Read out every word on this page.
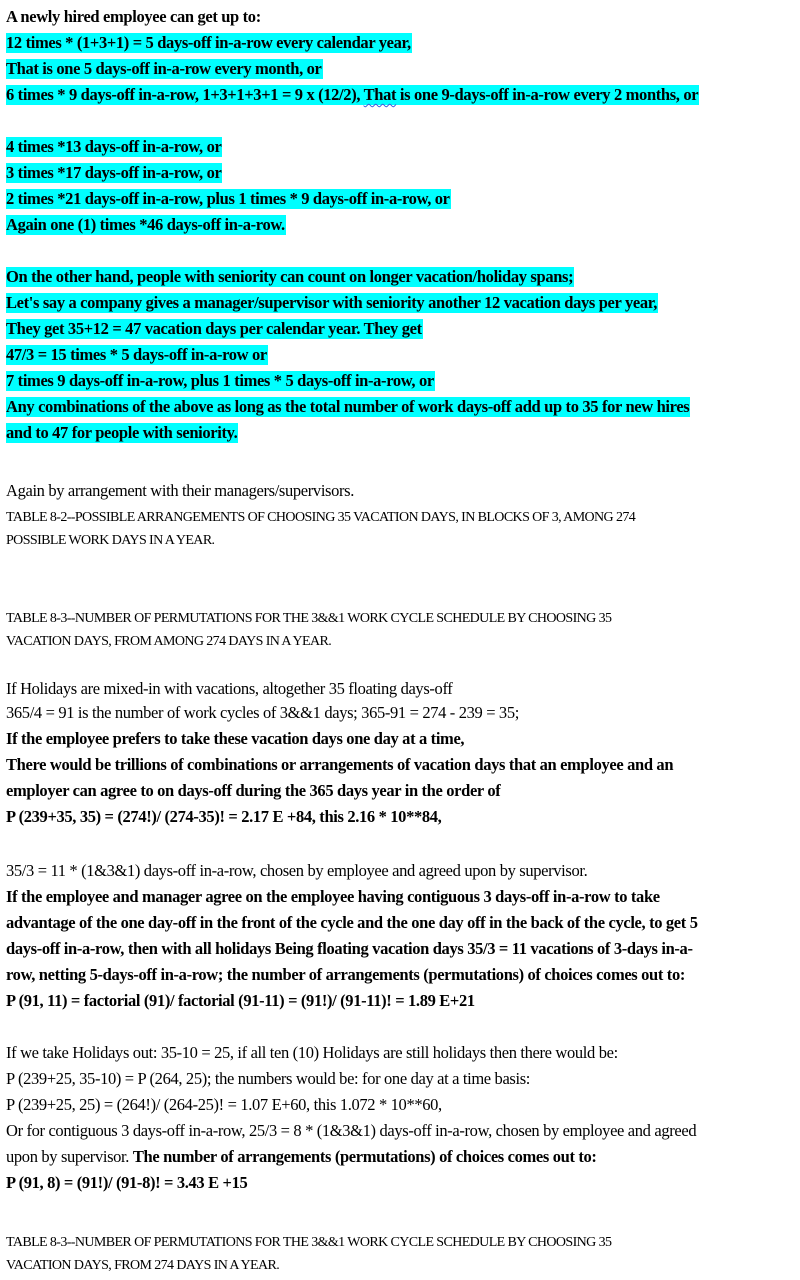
A newly hired employee can get up to:

12 times * (1+3+1) = 5 days-off in-a-row every calendar year,

That is one 5 days-off in-a-row every month, or

6 times * 9 days-off in-a-row, 1+3+1+3+1 = 9 x (12/2), That is one 9-days-off in-a-row every 2 months, or

4 times *13 days-off in-a-row, or

3 times *17 days-off in-a-row, or

2 times *21 days-off in-a-row, plus 1 times * 9 days-off in-a-row, or

Again one (1) times *46 days-off in-a-row.

On the other hand, people with seniority can count on longer vacation/holiday spans;

Let's say a company gives a manager/supervisor with seniority another 12 vacation days per year,

They get 35+12 = 47 vacation days per calendar year. They get

47/3 = 15 times * 5 days-off in-a-row or

7 times 9 days-off in-a-row, plus 1 times * 5 days-off in-a-row, or

Any combinations of the above as long as the total number of work days-off add up to 35 for new hires

and to 47 for people with seniority.

Again by arrangement with their managers/supervisors.

TABLE 8-2--POSSIBLE ARRANGEMENTS OF CHOOSING 35 VACATION DAYS, IN BLOCKS OF 3, AMONG 274

POSSIBLE WORK DAYS IN A YEAR.

TABLE 8-3--NUMBER OF PERMUTATIONS FOR THE 3&&1 WORK CYCLE SCHEDULE BY CHOOSING 35

VACATION DAYS, FROM AMONG 274 DAYS IN A YEAR.

If Holidays are mixed-in with vacations, altogether 35 floating days-off

365/4 = 91 is the number of work cycles of 3&&1 days; 365-91 = 274 - 239 = 35;

If the employee prefers to take these vacation days one day at a time,

There would be trillions of combinations or arrangements of vacation days that an employee and an

employer can agree to on days-off during the 365 days year in the order of

P (239+35, 35) = (274!)/ (274-35)! = 2.17 E +84, this 2.16 * 10**84,

35/3 = 11 * (1&3&1) days-off in-a-row, chosen by employee and agreed upon by supervisor.

If the employee and manager agree on the employee having contiguous 3 days-off in-a-row to take

advantage of the one day-off in the front of the cycle and the one day off in the back of the cycle, to get 5

days-off in-a-row, then with all holidays Being floating vacation days 35/3 = 11 vacations of 3-days in-a-

row, netting 5-days-off in-a-row; the number of arrangements (permutations) of choices comes out to:

P (91, 11) = factorial (91)/ factorial (91-11) = (91!)/ (91-11)! = 1.89 E+21

If we take Holidays out: 35-10 = 25, if all ten (10) Holidays are still holidays then there would be:

P (239+25, 35-10) = P (264, 25); the numbers would be: for one day at a time basis:

P (239+25, 25) = (264!)/ (264-25)! = 1.07 E+60, this 1.072 * 10**60,

Or for contiguous 3 days-off in-a-row, 25/3 = 8 * (1&3&1) days-off in-a-row, chosen by employee and agreed

upon by supervisor. The number of arrangements (permutations) of choices comes out to:

P (91, 8) = (91!)/ (91-8)! = 3.43 E +15

TABLE 8-3--NUMBER OF PERMUTATIONS FOR THE 3&&1 WORK CYCLE SCHEDULE BY CHOOSING 35

VACATION DAYS, FROM 274 DAYS IN A YEAR.
